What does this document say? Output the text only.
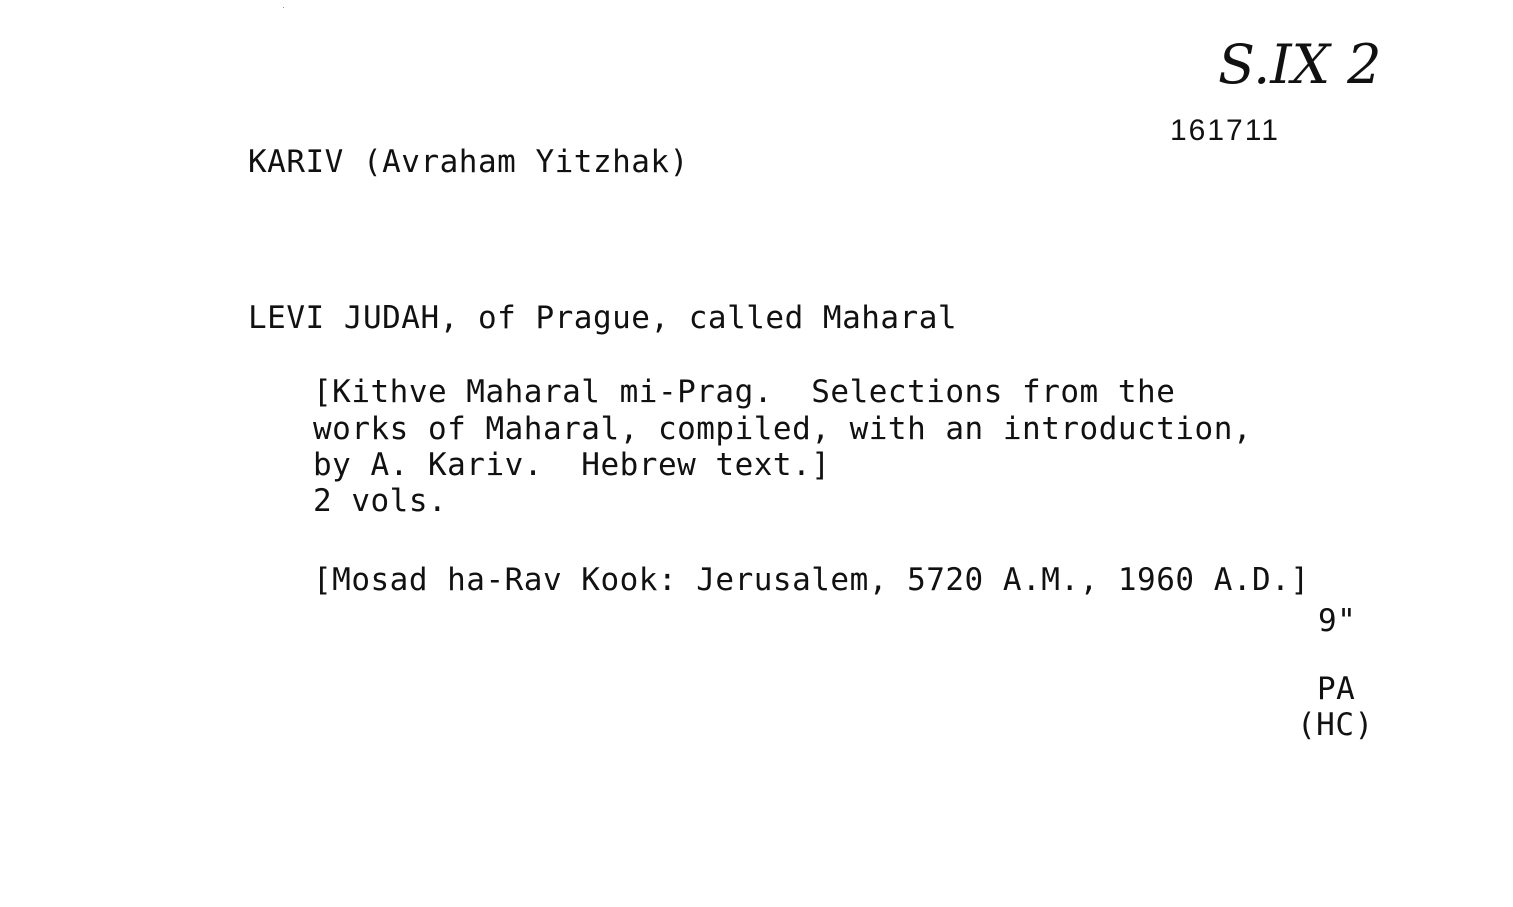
S.IX 2
161711
KARIV (Avraham Yitzhak)
LEVI JUDAH, of Prague, called Maharal
[Kithve Maharal mi-Prag.  Selections from the
works of Maharal, compiled, with an introduction,
by A. Kariv.  Hebrew text.]
2 vols.
[Mosad ha-Rav Kook: Jerusalem, 5720 A.M., 1960 A.D.]
9"
PA
(HC)
